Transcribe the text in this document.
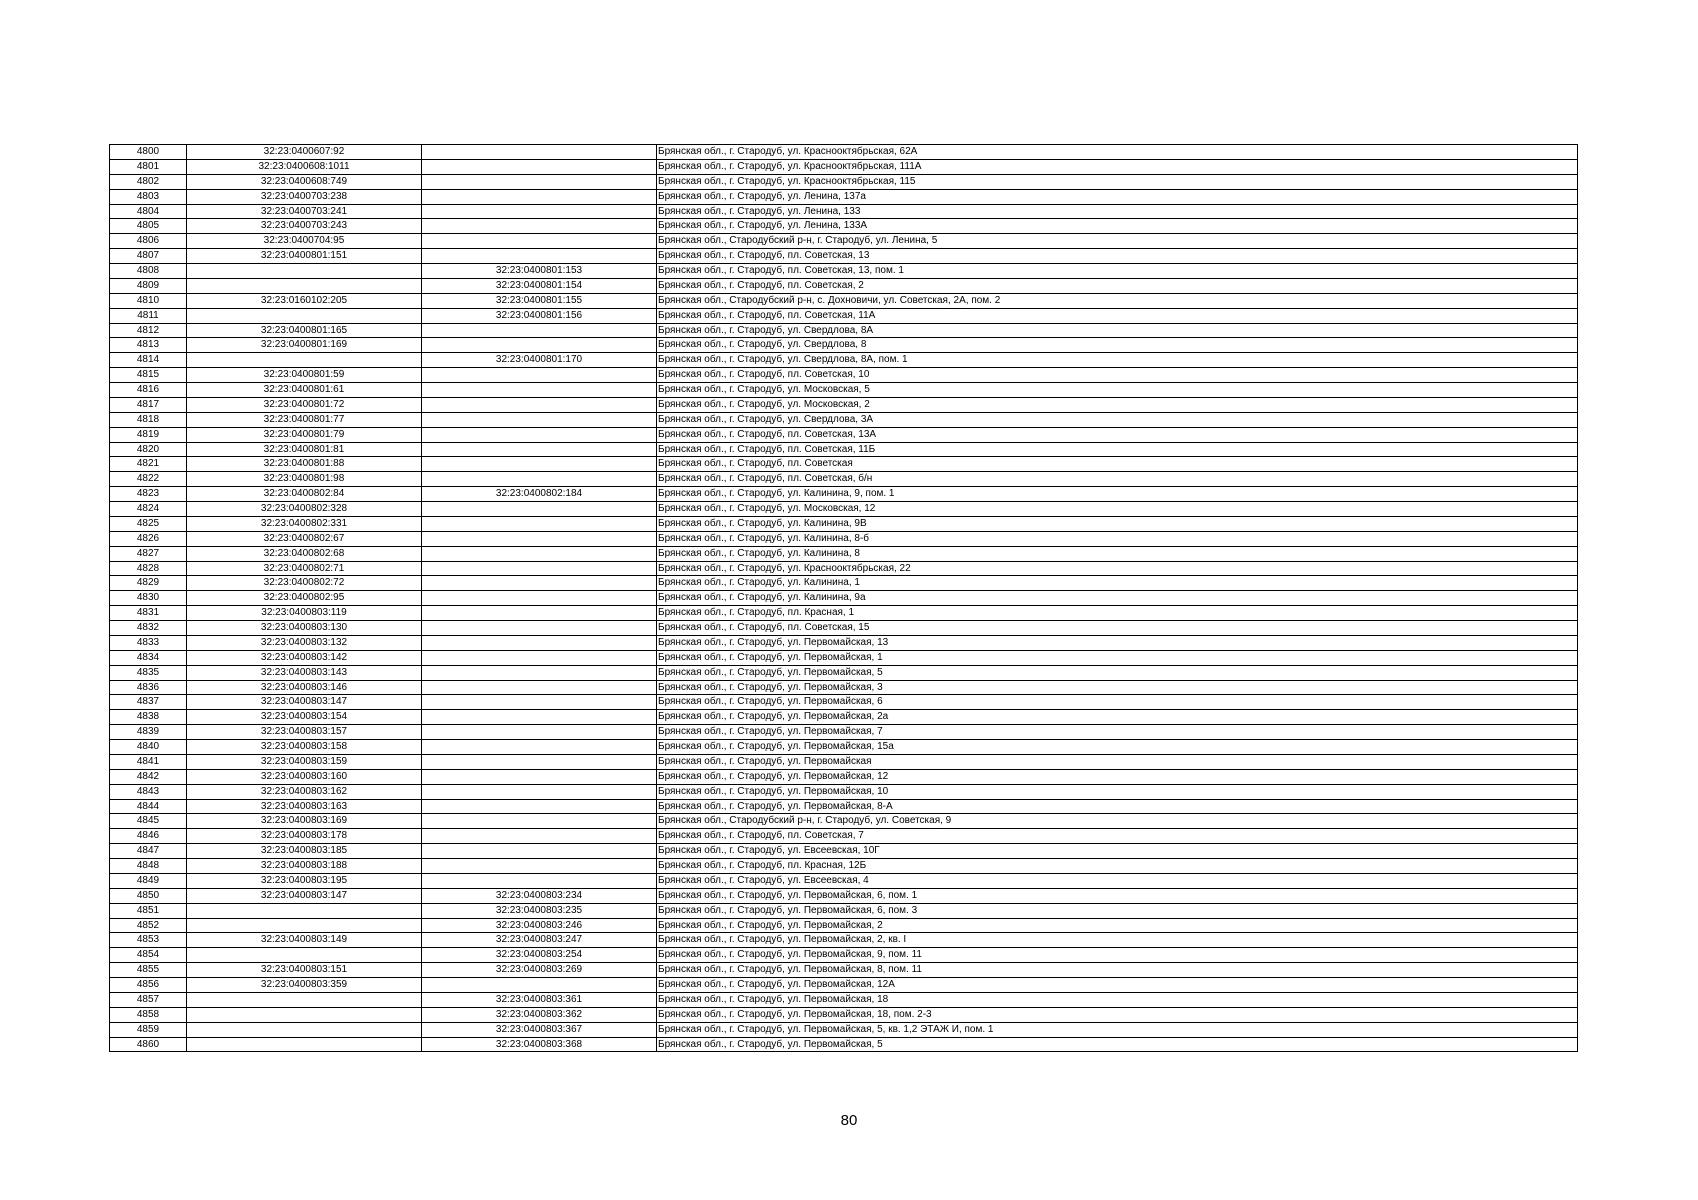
4800	32:23:0400607:92		Брянская обл., г. Стародуб, ул. Краснооктябрьская, 62А
4801	32:23:0400608:1011		Брянская обл., г. Стародуб, ул. Краснооктябрьская, 111А
4802	32:23:0400608:749		Брянская обл., г. Стародуб, ул. Краснооктябрьская, 115
4803	32:23:0400703:238		Брянская обл., г. Стародуб, ул. Ленина, 137а
4804	32:23:0400703:241		Брянская обл., г. Стародуб, ул. Ленина, 133
4805	32:23:0400703:243		Брянская обл., г. Стародуб, ул. Ленина, 133А
4806	32:23:0400704:95		Брянская обл., Стародубский р-н, г. Стародуб, ул. Ленина, 5
4807	32:23:0400801:151		Брянская обл., г. Стародуб, пл. Советская, 13
4808		32:23:0400801:153	Брянская обл., г. Стародуб, пл. Советская, 13, пом. 1
4809		32:23:0400801:154	Брянская обл., г. Стародуб, пл. Советская, 2
4810	32:23:0160102:205	32:23:0400801:155	Брянская обл., Стародубский р-н, с. Дохновичи, ул. Советская, 2А, пом. 2
4811		32:23:0400801:156	Брянская обл., г. Стародуб, пл. Советская, 11А
4812	32:23:0400801:165		Брянская обл., г. Стародуб, ул. Свердлова, 8А
4813	32:23:0400801:169		Брянская обл., г. Стародуб, ул. Свердлова, 8
4814		32:23:0400801:170	Брянская обл., г. Стародуб, ул. Свердлова, 8А, пом. 1
4815	32:23:0400801:59		Брянская обл., г. Стародуб, пл. Советская, 10
4816	32:23:0400801:61		Брянская обл., г. Стародуб, ул. Московская, 5
4817	32:23:0400801:72		Брянская обл., г. Стародуб, ул. Московская, 2
4818	32:23:0400801:77		Брянская обл., г. Стародуб, ул. Свердлова, 3А
4819	32:23:0400801:79		Брянская обл., г. Стародуб, пл. Советская, 13А
4820	32:23:0400801:81		Брянская обл., г. Стародуб, пл. Советская, 11Б
4821	32:23:0400801:88		Брянская обл., г. Стародуб, пл. Советская
4822	32:23:0400801:98		Брянская обл., г. Стародуб, пл. Советская, б/н
4823	32:23:0400802:84	32:23:0400802:184	Брянская обл., г. Стародуб, ул. Калинина, 9, пом. 1
4824	32:23:0400802:328		Брянская обл., г. Стародуб, ул. Московская, 12
4825	32:23:0400802:331		Брянская обл., г. Стародуб, ул. Калинина, 9В
4826	32:23:0400802:67		Брянская обл., г. Стародуб, ул. Калинина, 8-б
4827	32:23:0400802:68		Брянская обл., г. Стародуб, ул. Калинина, 8
4828	32:23:0400802:71		Брянская обл., г. Стародуб, ул. Краснооктябрьская, 22
4829	32:23:0400802:72		Брянская обл., г. Стародуб, ул. Калинина, 1
4830	32:23:0400802:95		Брянская обл., г. Стародуб, ул. Калинина, 9а
4831	32:23:0400803:119		Брянская обл., г. Стародуб, пл. Красная, 1
4832	32:23:0400803:130		Брянская обл., г. Стародуб, пл. Советская, 15
4833	32:23:0400803:132		Брянская обл., г. Стародуб, ул. Первомайская, 13
4834	32:23:0400803:142		Брянская обл., г. Стародуб, ул. Первомайская, 1
4835	32:23:0400803:143		Брянская обл., г. Стародуб, ул. Первомайская, 5
4836	32:23:0400803:146		Брянская обл., г. Стародуб, ул. Первомайская, 3
4837	32:23:0400803:147		Брянская обл., г. Стародуб, ул. Первомайская, 6
4838	32:23:0400803:154		Брянская обл., г. Стародуб, ул. Первомайская, 2а
4839	32:23:0400803:157		Брянская обл., г. Стародуб, ул. Первомайская, 7
4840	32:23:0400803:158		Брянская обл., г. Стародуб, ул. Первомайская, 15а
4841	32:23:0400803:159		Брянская обл., г. Стародуб, ул. Первомайская
4842	32:23:0400803:160		Брянская обл., г. Стародуб, ул. Первомайская, 12
4843	32:23:0400803:162		Брянская обл., г. Стародуб, ул. Первомайская, 10
4844	32:23:0400803:163		Брянская обл., г. Стародуб, ул. Первомайская, 8-А
4845	32:23:0400803:169		Брянская обл., Стародубский р-н, г. Стародуб, ул. Советская, 9
4846	32:23:0400803:178		Брянская обл., г. Стародуб, пл. Советская, 7
4847	32:23:0400803:185		Брянская обл., г. Стародуб, ул. Евсеевская, 10Г
4848	32:23:0400803:188		Брянская обл., г. Стародуб, пл. Красная, 12Б
4849	32:23:0400803:195		Брянская обл., г. Стародуб, ул. Евсеевская, 4
4850	32:23:0400803:147	32:23:0400803:234	Брянская обл., г. Стародуб, ул. Первомайская, 6, пом. 1
4851		32:23:0400803:235	Брянская обл., г. Стародуб, ул. Первомайская, 6, пом. 3
4852		32:23:0400803:246	Брянская обл., г. Стародуб, ул. Первомайская, 2
4853	32:23:0400803:149	32:23:0400803:247	Брянская обл., г. Стародуб, ул. Первомайская, 2, кв. I
4854		32:23:0400803:254	Брянская обл., г. Стародуб, ул. Первомайская, 9, пом. 11
4855	32:23:0400803:151	32:23:0400803:269	Брянская обл., г. Стародуб, ул. Первомайская, 8, пом. 11
4856	32:23:0400803:359		Брянская обл., г. Стародуб, ул. Первомайская, 12А
4857		32:23:0400803:361	Брянская обл., г. Стародуб, ул. Первомайская, 18
4858		32:23:0400803:362	Брянская обл., г. Стародуб, ул. Первомайская, 18, пом. 2-3
4859		32:23:0400803:367	Брянская обл., г. Стародуб, ул. Первомайская, 5, кв. 1,2 ЭТАЖ И, пом. 1
4860		32:23:0400803:368	Брянская обл., г. Стародуб, ул. Первомайская, 5
80
